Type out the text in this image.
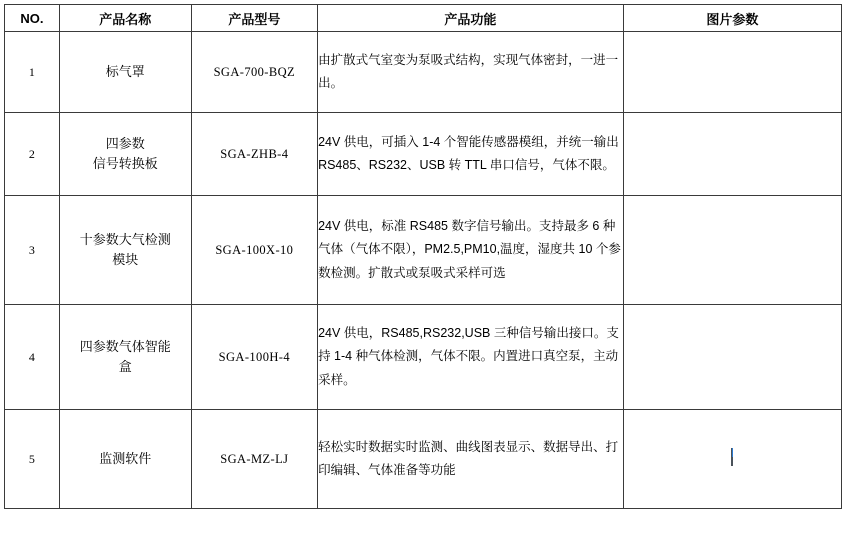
NO.	产品名称	产品型号	产品功能	图片参数
1	标气罩	SGA-700-BQZ	由扩散式气室变为泵吸式结构，实现气体密封，一进一出。	

2	四参数
信号转换板	SGA-ZHB-4	24V 供电，可插入 1-4 个智能传感器模组，并统一输出 RS485、RS232、USB 转 TTL 串口信号，气体不限。	

3	十参数大气检测
模块	SGA-100X-10	24V 供电，标准 RS485 数字信号输出。支持最多 6 种气体（气体不限），PM2.5,PM10,温度，湿度共 10 个参数检测。扩散式或泵吸式采样可选	

4	四参数气体智能
盒	SGA-100H-4	24V 供电，RS485,RS232,USB 三种信号输出接口。支持 1-4 种气体检测，气体不限。内置进口真空泵，主动采样。	

5	监测软件	SGA-MZ-LJ	轻松实时数据实时监测、曲线图表显示、数据导出、打印编辑、气体准备等功能	
